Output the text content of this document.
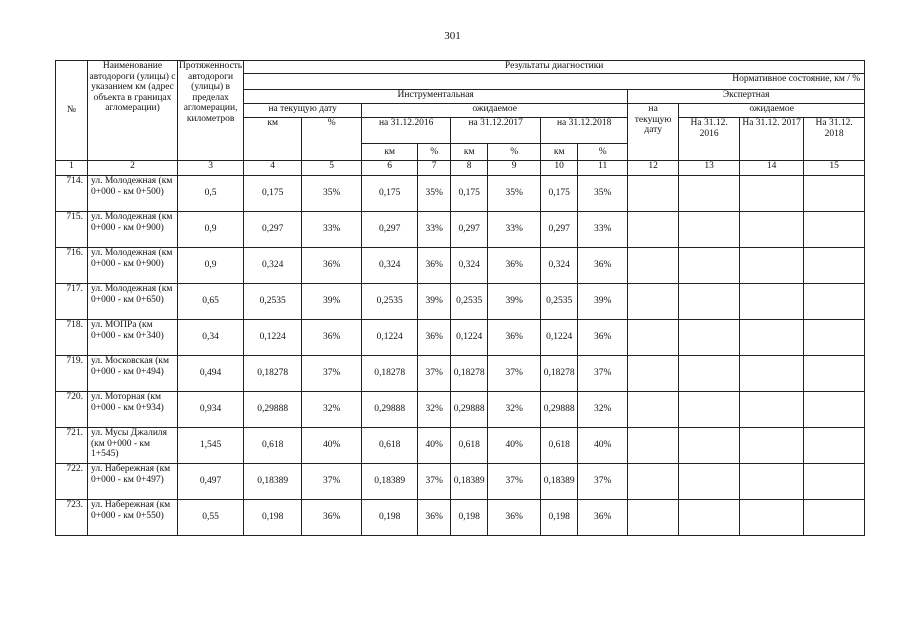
301
№	Наименование автодороги (улицы) с указанием км (адрес объекта в границах агломерации)	Протяженность автодороги (улицы) в пределах агломерации, километров	Результаты диагностики											
			Нормативное состояние, км / %											
			Инструментальная								Экспертная			
			на текущую дату		ожидаемое						на текущую дату	ожидаемое		
			км	%	на 31.12.2016		на 31.12.2017		на 31.12.2018			На 31.12. 2016	На 31.12. 2017	На 31.12. 2018
					км	%	км	%	км	%				
1	2	3	4	5	6	7	8	9	10	11	12	13	14	15
714.	ул. Молодежная (км 0+000 - км 0+500)	0,5	0,175	35%	0,175	35%	0,175	35%	0,175	35%				
715.	ул. Молодежная (км 0+000 - км 0+900)	0,9	0,297	33%	0,297	33%	0,297	33%	0,297	33%				
716.	ул. Молодежная (км 0+000 - км 0+900)	0,9	0,324	36%	0,324	36%	0,324	36%	0,324	36%				
717.	ул. Молодежная (км 0+000 - км 0+650)	0,65	0,2535	39%	0,2535	39%	0,2535	39%	0,2535	39%				
718.	ул. МОПРа (км 0+000 - км 0+340)	0,34	0,1224	36%	0,1224	36%	0,1224	36%	0,1224	36%				
719.	ул. Московская (км 0+000 - км 0+494)	0,494	0,18278	37%	0,18278	37%	0,18278	37%	0,18278	37%				
720.	ул. Моторная (км 0+000 - км 0+934)	0,934	0,29888	32%	0,29888	32%	0,29888	32%	0,29888	32%				
721.	ул. Мусы Джалиля (км 0+000 - км 1+545)	1,545	0,618	40%	0,618	40%	0,618	40%	0,618	40%				
722.	ул. Набережная (км 0+000 - км 0+497)	0,497	0,18389	37%	0,18389	37%	0,18389	37%	0,18389	37%				
723.	ул. Набережная (км 0+000 - км 0+550)	0,55	0,198	36%	0,198	36%	0,198	36%	0,198	36%				
